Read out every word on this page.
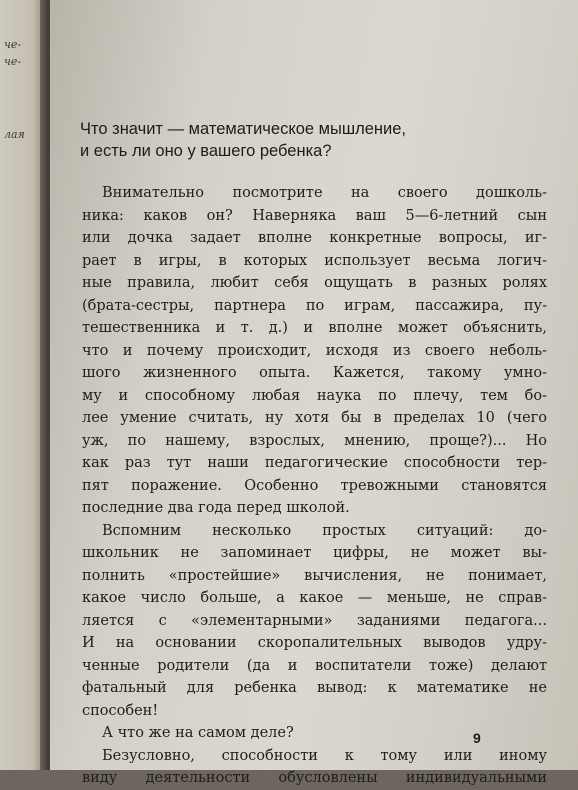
че-
че-
лая	Что значит — математическое мышление,
и есть ли оно у вашего ребенка?
Внимательно посмотрите на своего дошколь-
ника: каков он? Наверняка ваш 5—6-летний сын
или дочка задает вполне конкретные вопросы, иг-
рает в игры, в которых использует весьма логич-
ные правила, любит себя ощущать в разных ролях
(брата-сестры, партнера по играм, пассажира, пу-
тешественника и т. д.) и вполне может объяснить,
что и почему происходит, исходя из своего неболь-
шого жизненного опыта. Кажется, такому умно-
му и способному любая наука по плечу, тем бо-
лее умение считать, ну хотя бы в пределах 10 (чего
уж, по нашему, взрослых, мнению, проще?)... Но
как раз тут наши педагогические способности тер-
пят поражение. Особенно тревожными становятся
последние два года перед школой.
Вспомним несколько простых ситуаций: до-
школьник не запоминает цифры, не может вы-
полнить «простейшие» вычисления, не понимает,
какое число больше, а какое — меньше, не справ-
ляется с «элементарными» заданиями педагога...
И на основании скоропалительных выводов удру-
ченные родители (да и воспитатели тоже) делают
фатальный для ребенка вывод: к математике не
способен!
А что же на самом деле?
Безусловно, способности к тому или иному
виду деятельности обусловлены индивидуальными
9
